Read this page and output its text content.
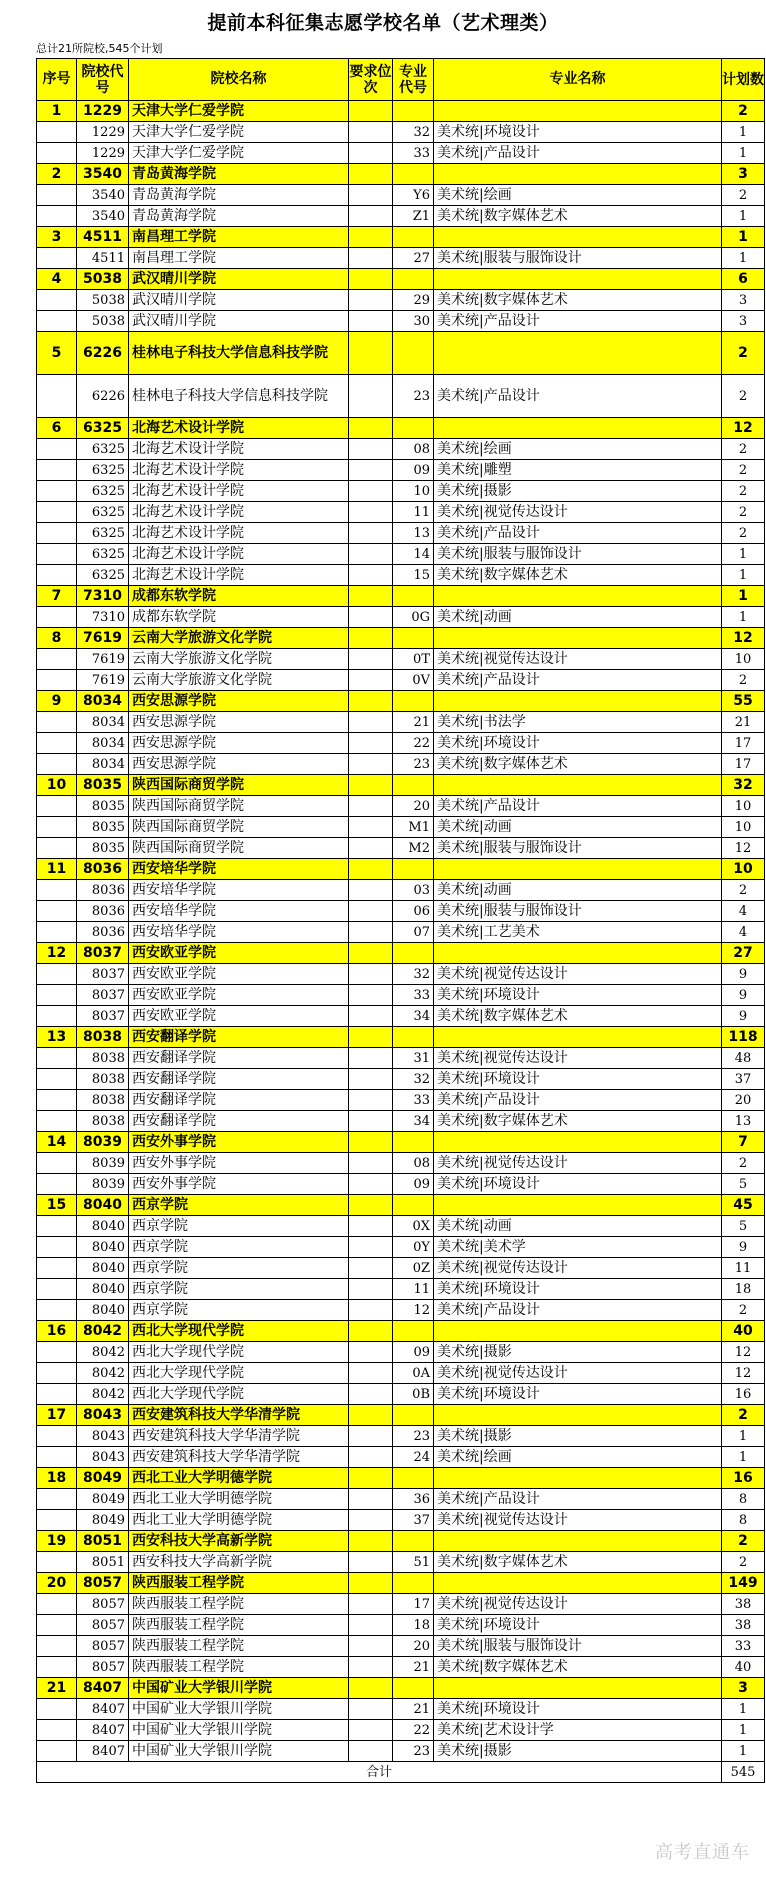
提前本科征集志愿学校名单（艺术理类）
总计21所院校,545个计划
序号	院校代号	院校名称	要求位次	专业代号	专业名称	计划数
1	1229	天津大学仁爱学院				2
	1229	天津大学仁爱学院		32	美术统|环境设计	1
	1229	天津大学仁爱学院		33	美术统|产品设计	1
2	3540	青岛黄海学院				3
	3540	青岛黄海学院		Y6	美术统|绘画	2
	3540	青岛黄海学院		Z1	美术统|数字媒体艺术	1
3	4511	南昌理工学院				1
	4511	南昌理工学院		27	美术统|服装与服饰设计	1
4	5038	武汉晴川学院				6
	5038	武汉晴川学院		29	美术统|数字媒体艺术	3
	5038	武汉晴川学院		30	美术统|产品设计	3
5	6226	桂林电子科技大学信息科技学院				2
	6226	桂林电子科技大学信息科技学院		23	美术统|产品设计	2
6	6325	北海艺术设计学院				12
	6325	北海艺术设计学院		08	美术统|绘画	2
	6325	北海艺术设计学院		09	美术统|雕塑	2
	6325	北海艺术设计学院		10	美术统|摄影	2
	6325	北海艺术设计学院		11	美术统|视觉传达设计	2
	6325	北海艺术设计学院		13	美术统|产品设计	2
	6325	北海艺术设计学院		14	美术统|服装与服饰设计	1
	6325	北海艺术设计学院		15	美术统|数字媒体艺术	1
7	7310	成都东软学院				1
	7310	成都东软学院		0G	美术统|动画	1
8	7619	云南大学旅游文化学院				12
	7619	云南大学旅游文化学院		0T	美术统|视觉传达设计	10
	7619	云南大学旅游文化学院		0V	美术统|产品设计	2
9	8034	西安思源学院				55
	8034	西安思源学院		21	美术统|书法学	21
	8034	西安思源学院		22	美术统|环境设计	17
	8034	西安思源学院		23	美术统|数字媒体艺术	17
10	8035	陕西国际商贸学院				32
	8035	陕西国际商贸学院		20	美术统|产品设计	10
	8035	陕西国际商贸学院		M1	美术统|动画	10
	8035	陕西国际商贸学院		M2	美术统|服装与服饰设计	12
11	8036	西安培华学院				10
	8036	西安培华学院		03	美术统|动画	2
	8036	西安培华学院		06	美术统|服装与服饰设计	4
	8036	西安培华学院		07	美术统|工艺美术	4
12	8037	西安欧亚学院				27
	8037	西安欧亚学院		32	美术统|视觉传达设计	9
	8037	西安欧亚学院		33	美术统|环境设计	9
	8037	西安欧亚学院		34	美术统|数字媒体艺术	9
13	8038	西安翻译学院				118
	8038	西安翻译学院		31	美术统|视觉传达设计	48
	8038	西安翻译学院		32	美术统|环境设计	37
	8038	西安翻译学院		33	美术统|产品设计	20
	8038	西安翻译学院		34	美术统|数字媒体艺术	13
14	8039	西安外事学院				7
	8039	西安外事学院		08	美术统|视觉传达设计	2
	8039	西安外事学院		09	美术统|环境设计	5
15	8040	西京学院				45
	8040	西京学院		0X	美术统|动画	5
	8040	西京学院		0Y	美术统|美术学	9
	8040	西京学院		0Z	美术统|视觉传达设计	11
	8040	西京学院		11	美术统|环境设计	18
	8040	西京学院		12	美术统|产品设计	2
16	8042	西北大学现代学院				40
	8042	西北大学现代学院		09	美术统|摄影	12
	8042	西北大学现代学院		0A	美术统|视觉传达设计	12
	8042	西北大学现代学院		0B	美术统|环境设计	16
17	8043	西安建筑科技大学华清学院				2
	8043	西安建筑科技大学华清学院		23	美术统|摄影	1
	8043	西安建筑科技大学华清学院		24	美术统|绘画	1
18	8049	西北工业大学明德学院				16
	8049	西北工业大学明德学院		36	美术统|产品设计	8
	8049	西北工业大学明德学院		37	美术统|视觉传达设计	8
19	8051	西安科技大学高新学院				2
	8051	西安科技大学高新学院		51	美术统|数字媒体艺术	2
20	8057	陕西服装工程学院				149
	8057	陕西服装工程学院		17	美术统|视觉传达设计	38
	8057	陕西服装工程学院		18	美术统|环境设计	38
	8057	陕西服装工程学院		20	美术统|服装与服饰设计	33
	8057	陕西服装工程学院		21	美术统|数字媒体艺术	40
21	8407	中国矿业大学银川学院				3
	8407	中国矿业大学银川学院		21	美术统|环境设计	1
	8407	中国矿业大学银川学院		22	美术统|艺术设计学	1
	8407	中国矿业大学银川学院		23	美术统|摄影	1
合计						545
高考直通车
